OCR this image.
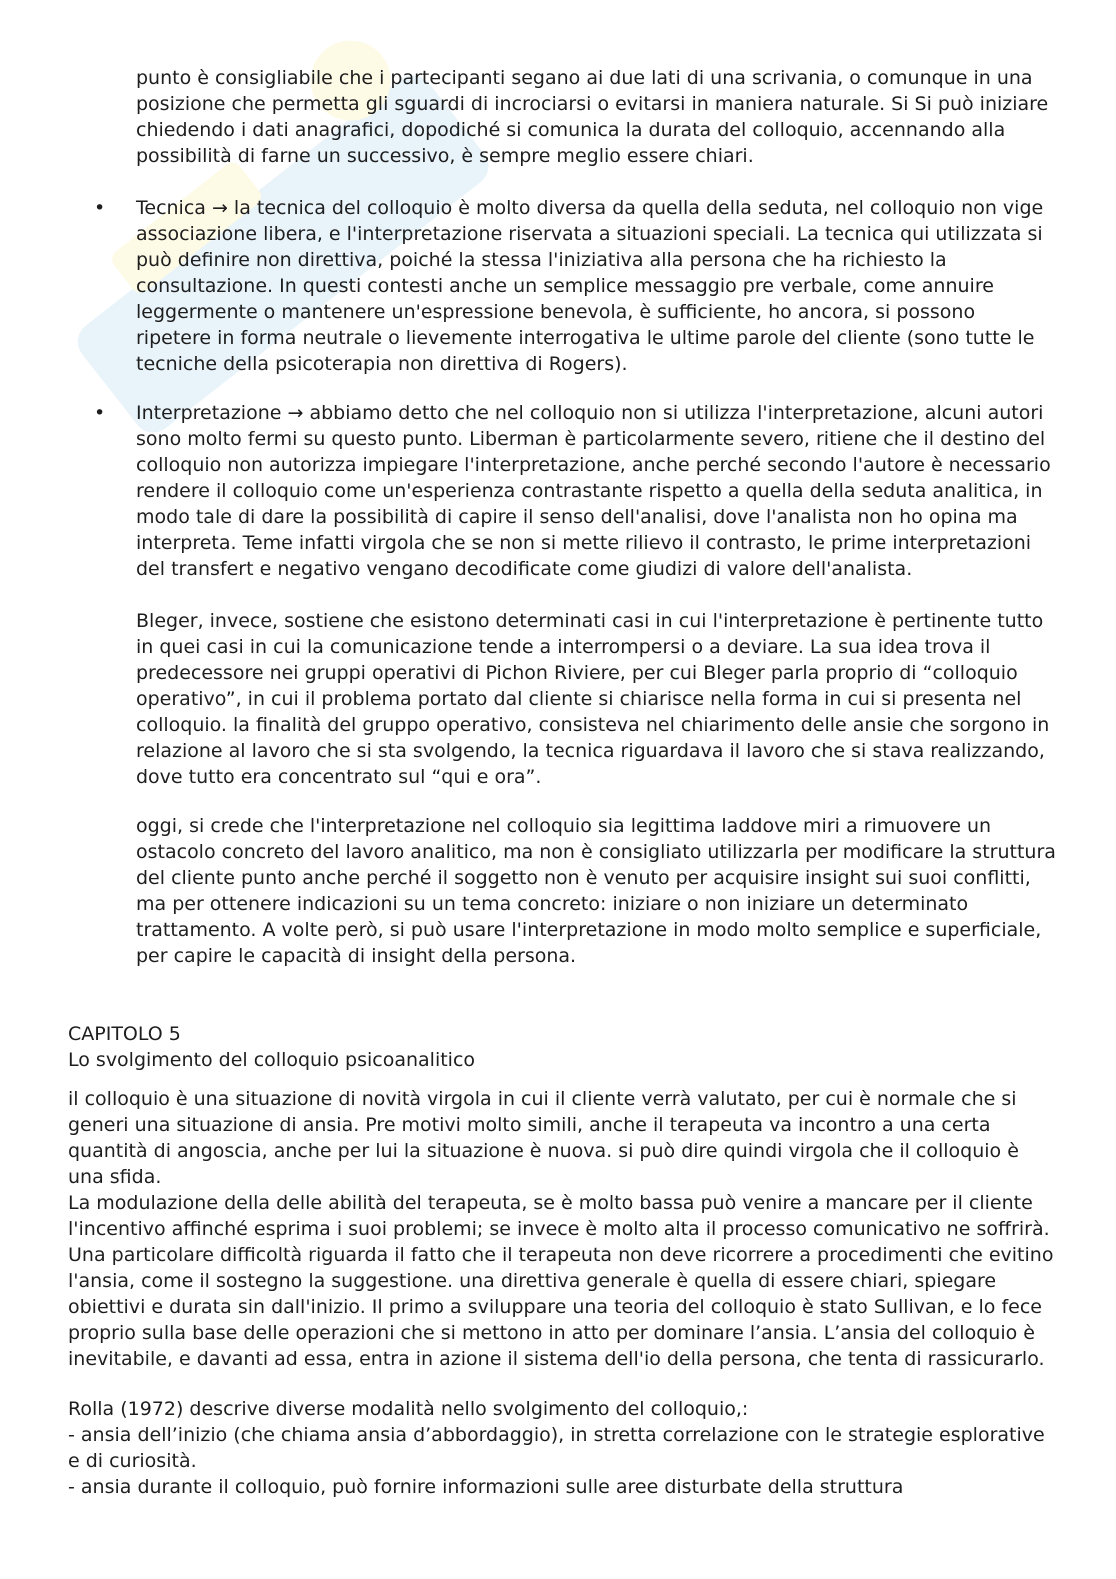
punto è consigliabile che i partecipanti segano ai due lati di una scrivania, o comunque in una posizione che permetta gli sguardi di incrociarsi o evitarsi in maniera naturale. Si Si può iniziare chiedendo i dati anagrafici, dopodiché si comunica la durata del colloquio, accennando alla possibilità di farne un successivo, è sempre meglio essere chiari.

• Tecnica → la tecnica del colloquio è molto diversa da quella della seduta, nel colloquio non vige associazione libera, e l'interpretazione riservata a situazioni speciali. La tecnica qui utilizzata si può definire non direttiva, poiché la stessa l'iniziativa alla persona che ha richiesto la consultazione. In questi contesti anche un semplice messaggio pre verbale, come annuire leggermente o mantenere un'espressione benevola, è sufficiente, ho ancora, si possono ripetere in forma neutrale o lievemente interrogativa le ultime parole del cliente (sono tutte le tecniche della psicoterapia non direttiva di Rogers).

• Interpretazione → abbiamo detto che nel colloquio non si utilizza l'interpretazione, alcuni autori sono molto fermi su questo punto. Liberman è particolarmente severo, ritiene che il destino del colloquio non autorizza impiegare l'interpretazione, anche perché secondo l'autore è necessario rendere il colloquio come un'esperienza contrastante rispetto a quella della seduta analitica, in modo tale di dare la possibilità di capire il senso dell'analisi, dove l'analista non ho opina ma interpreta. Teme infatti virgola che se non si mette rilievo il contrasto, le prime interpretazioni del transfert e negativo vengano decodificate come giudizi di valore dell'analista.

Bleger, invece, sostiene che esistono determinati casi in cui l'interpretazione è pertinente tutto in quei casi in cui la comunicazione tende a interrompersi o a deviare. La sua idea trova il predecessore nei gruppi operativi di Pichon Riviere, per cui Bleger parla proprio di “colloquio operativo”, in cui il problema portato dal cliente si chiarisce nella forma in cui si presenta nel colloquio. la finalità del gruppo operativo, consisteva nel chiarimento delle ansie che sorgono in relazione al lavoro che si sta svolgendo, la tecnica riguardava il lavoro che si stava realizzando, dove tutto era concentrato sul “qui e ora”.

oggi, si crede che l'interpretazione nel colloquio sia legittima laddove miri a rimuovere un ostacolo concreto del lavoro analitico, ma non è consigliato utilizzarla per modificare la struttura del cliente punto anche perché il soggetto non è venuto per acquisire insight sui suoi conflitti, ma per ottenere indicazioni su un tema concreto: iniziare o non iniziare un determinato trattamento. A volte però, si può usare l'interpretazione in modo molto semplice e superficiale, per capire le capacità di insight della persona.

CAPITOLO 5
Lo svolgimento del colloquio psicoanalitico

il colloquio è una situazione di novità virgola in cui il cliente verrà valutato, per cui è normale che si generi una situazione di ansia. Pre motivi molto simili, anche il terapeuta va incontro a una certa quantità di angoscia, anche per lui la situazione è nuova. si può dire quindi virgola che il colloquio è una sfida.

La modulazione della delle abilità del terapeuta, se è molto bassa può venire a mancare per il cliente l'incentivo affinché esprima i suoi problemi; se invece è molto alta il processo comunicativo ne soffrirà. Una particolare difficoltà riguarda il fatto che il terapeuta non deve ricorrere a procedimenti che evitino l'ansia, come il sostegno la suggestione. una direttiva generale è quella di essere chiari, spiegare obiettivi e durata sin dall'inizio. Il primo a sviluppare una teoria del colloquio è stato Sullivan, e lo fece proprio sulla base delle operazioni che si mettono in atto per dominare l’ansia. L’ansia del colloquio è inevitabile, e davanti ad essa, entra in azione il sistema dell'io della persona, che tenta di rassicurarlo.

Rolla (1972) descrive diverse modalità nello svolgimento del colloquio,:

- ansia dell’inizio (che chiama ansia d’abbordaggio), in stretta correlazione con le strategie esplorative e di curiosità.

- ansia durante il colloquio, può fornire informazioni sulle aree disturbate della struttura
